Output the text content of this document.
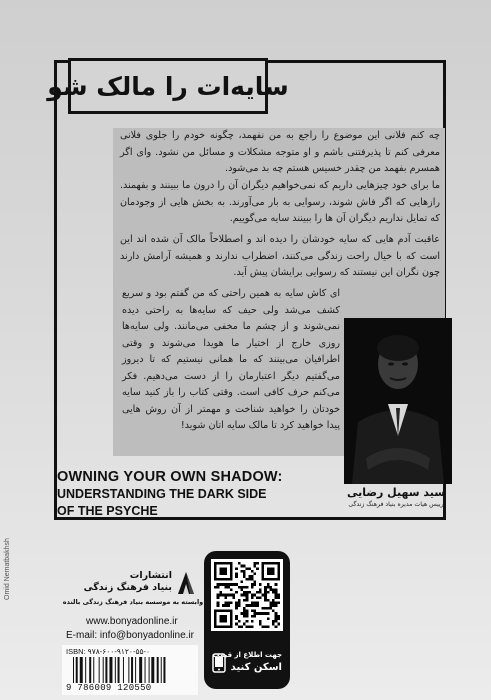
سایه‌ات را مالک شو

چه کنم فلانی این موضوع را راجع به من نفهمد، چگونه خودم را جلوی فلانی معرفی کنم تا پذیرفتنی باشم و او متوجه مشکلات و مسائل من نشود. وای اگر همسرم بفهمد من چقدر خسیس هستم چه بد می‌شود.

ما برای خود چیزهایی داریم که نمی‌خواهیم دیگران آن را درون ما ببینند و بفهمند. رازهایی که اگر فاش شوند، رسوایی به بار می‌آورند. به بخش هایی از وجودمان که تمایل نداریم دیگران آن ها را ببینند سایه می‌گوییم.

عاقبت آدم هایی که سایه خودشان را دیده اند و اصطلاحاً مالک آن شده اند این است که با خیال راحت زندگی می‌کنند، اضطراب ندارند و همیشه آرامش دارند چون نگران این نیستند که رسوایی برایشان پیش آید.

ای کاش سایه به همین راحتی که من گفتم بود و سریع کشف می‌شد ولی حیف که سایه‌ها به راحتی دیده نمی‌شوند و از چشم ما مخفی می‌مانند. ولی سایه‌ها روزی خارج از اختیار ما هویدا می‌شوند و وقتی اطرافیان می‌بینند که ما همانی نیستیم که تا دیروز می‌گفتیم دیگر اعتبارمان را از دست می‌دهیم. فکر می‌کنم حرف کافی است. وقتی کتاب را باز کنید سایه خودتان را خواهید شناخت و مهمتر از آن روش هایی پیدا خواهید کرد تا مالک سایه اتان شوید!

سید سهیل رضایی
رییس هیات مدیره بنیاد فرهنگ زندگی
OWNING YOUR OWN SHADOW:
UNDERSTANDING THE DARK SIDE
OF THE PSYCHE
انتشارات
بنیاد فرهنگ زندگی
وابسته به موسسه بنیاد فرهنگ زندگی بالنده
www.bonyadonline.ir
E-mail: info@bonyadonline.ir
ISBN: ۹۷۸-۶۰۰-۹۱۲۰-۵۵-۰
9 786009 120550
جهت اطلاع از قیمت
اسکن کنید
Omid Nematbakhsh
